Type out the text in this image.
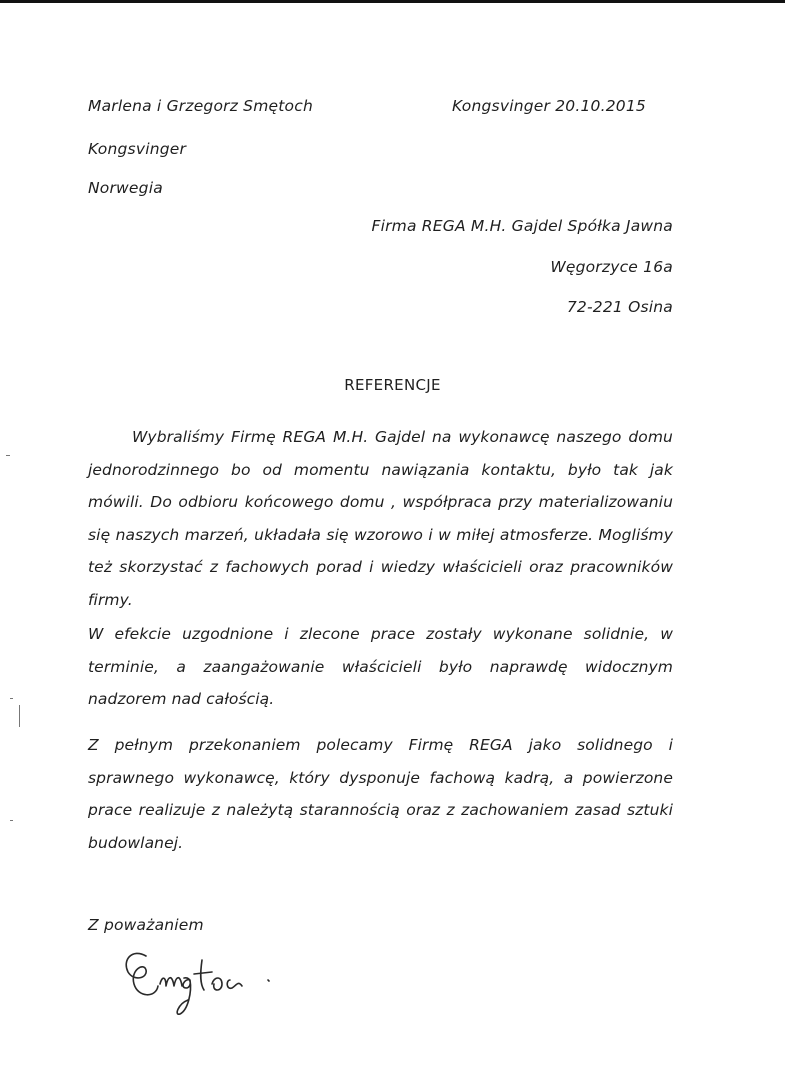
Marlena i Grzegorz Smętoch
Kongsvinger
Norwegia
Kongsvinger 20.10.2015
Firma REGA M.H. Gajdel Spółka Jawna
Węgorzyce 16a
72-221 Osina
REFERENCJE
Wybraliśmy Firmę REGA M.H. Gajdel na wykonawcę naszego domu jednorodzinnego bo od momentu nawiązania kontaktu, było tak jak mówili. Do odbioru końcowego domu , współpraca przy materializowaniu się naszych marzeń, układała się wzorowo i w miłej atmosferze. Mogliśmy też skorzystać z fachowych porad i wiedzy właścicieli oraz pracowników firmy.
W efekcie uzgodnione i zlecone prace zostały wykonane solidnie, w terminie, a zaangażowanie właścicieli było naprawdę widocznym nadzorem nad całością.
Z pełnym przekonaniem polecamy Firmę REGA jako solidnego i sprawnego wykonawcę, który dysponuje fachową kadrą, a powierzone prace realizuje z należytą starannością oraz z zachowaniem zasad sztuki budowlanej.
Z poważaniem
